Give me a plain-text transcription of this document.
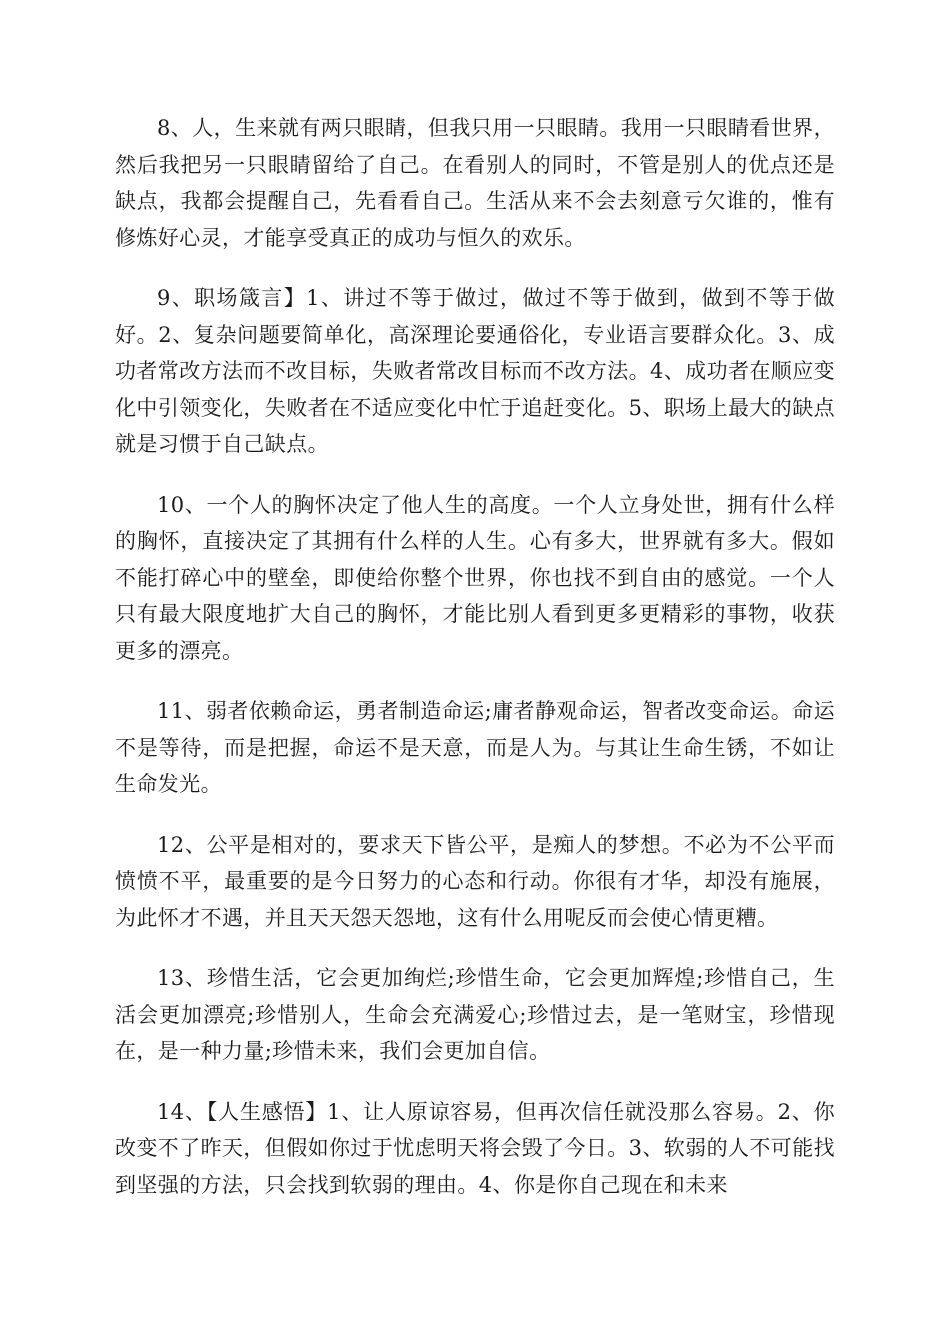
8、人，生来就有两只眼睛，但我只用一只眼睛。我用一只眼睛看世界，然后我把另一只眼睛留给了自己。在看别人的同时，不管是别人的优点还是缺点，我都会提醒自己，先看看自己。生活从来不会去刻意亏欠谁的，惟有修炼好心灵，才能享受真正的成功与恒久的欢乐。

9、职场箴言】1、讲过不等于做过，做过不等于做到，做到不等于做好。2、复杂问题要简单化，高深理论要通俗化，专业语言要群众化。3、成功者常改方法而不改目标，失败者常改目标而不改方法。4、成功者在顺应变化中引领变化，失败者在不适应变化中忙于追赶变化。5、职场上最大的缺点就是习惯于自己缺点。

10、一个人的胸怀决定了他人生的高度。一个人立身处世，拥有什么样的胸怀，直接决定了其拥有什么样的人生。心有多大，世界就有多大。假如不能打碎心中的壁垒，即使给你整个世界，你也找不到自由的感觉。一个人只有最大限度地扩大自己的胸怀，才能比别人看到更多更精彩的事物，收获更多的漂亮。

11、弱者依赖命运，勇者制造命运;庸者静观命运，智者改变命运。命运不是等待，而是把握，命运不是天意，而是人为。与其让生命生锈，不如让生命发光。

12、公平是相对的，要求天下皆公平，是痴人的梦想。不必为不公平而愤愤不平，最重要的是今日努力的心态和行动。你很有才华，却没有施展，为此怀才不遇，并且天天怨天怨地，这有什么用呢反而会使心情更糟。

13、珍惜生活，它会更加绚烂;珍惜生命，它会更加辉煌;珍惜自己，生活会更加漂亮;珍惜别人，生命会充满爱心;珍惜过去，是一笔财宝，珍惜现在，是一种力量;珍惜未来，我们会更加自信。

14、【人生感悟】1、让人原谅容易，但再次信任就没那么容易。2、你改变不了昨天，但假如你过于忧虑明天将会毁了今日。3、软弱的人不可能找到坚强的方法，只会找到软弱的理由。4、你是你自己现在和未来
